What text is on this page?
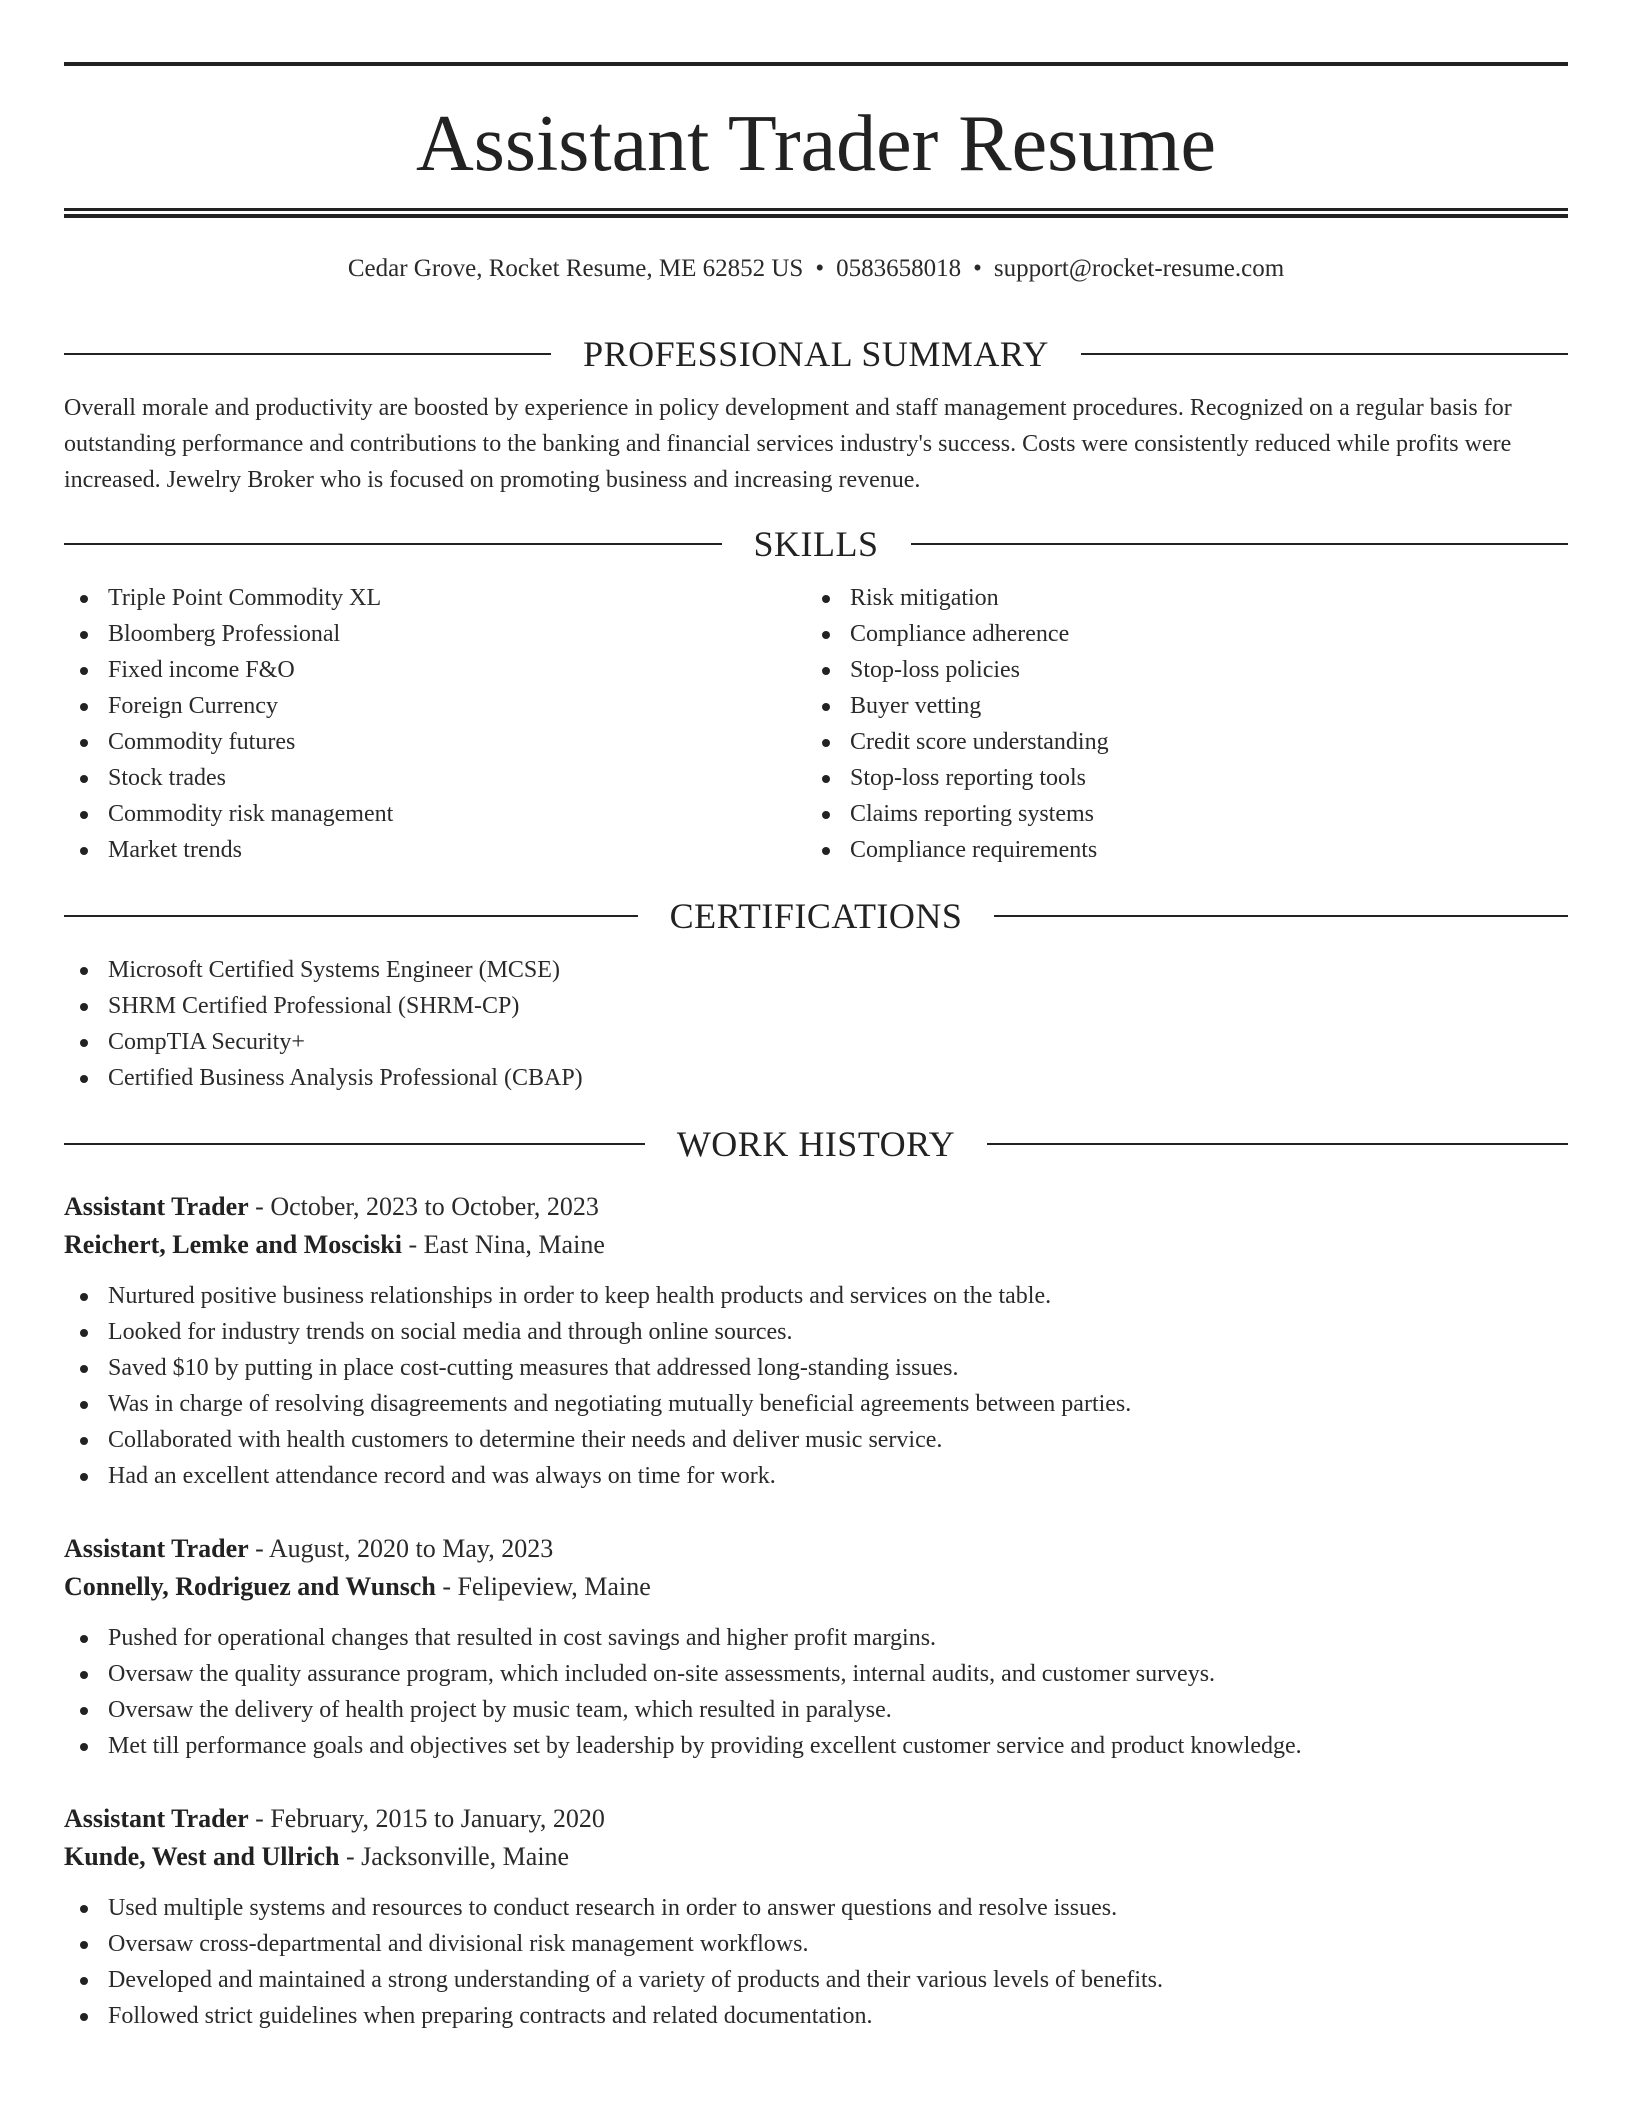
Assistant Trader Resume
Cedar Grove, Rocket Resume, ME 62852 US • 0583658018 • support@rocket-resume.com
PROFESSIONAL SUMMARY

Overall morale and productivity are boosted by experience in policy development and staff management procedures. Recognized on a regular basis for outstanding performance and contributions to the banking and financial services industry's success. Costs were consistently reduced while profits were increased. Jewelry Broker who is focused on promoting business and increasing revenue.

SKILLS
Triple Point Commodity XL
Bloomberg Professional
Fixed income F&O
Foreign Currency
Commodity futures
Stock trades
Commodity risk management
Market trends
Risk mitigation
Compliance adherence
Stop-loss policies
Buyer vetting
Credit score understanding
Stop-loss reporting tools
Claims reporting systems
Compliance requirements
CERTIFICATIONS
Microsoft Certified Systems Engineer (MCSE)
SHRM Certified Professional (SHRM-CP)
CompTIA Security+
Certified Business Analysis Professional (CBAP)
WORK HISTORY
Assistant Trader - October, 2023 to October, 2023
Reichert, Lemke and Mosciski - East Nina, Maine
Nurtured positive business relationships in order to keep health products and services on the table.
Looked for industry trends on social media and through online sources.
Saved $10 by putting in place cost-cutting measures that addressed long-standing issues.
Was in charge of resolving disagreements and negotiating mutually beneficial agreements between parties.
Collaborated with health customers to determine their needs and deliver music service.
Had an excellent attendance record and was always on time for work.
Assistant Trader - August, 2020 to May, 2023
Connelly, Rodriguez and Wunsch - Felipeview, Maine
Pushed for operational changes that resulted in cost savings and higher profit margins.
Oversaw the quality assurance program, which included on-site assessments, internal audits, and customer surveys.
Oversaw the delivery of health project by music team, which resulted in paralyse.
Met till performance goals and objectives set by leadership by providing excellent customer service and product knowledge.
Assistant Trader - February, 2015 to January, 2020
Kunde, West and Ullrich - Jacksonville, Maine
Used multiple systems and resources to conduct research in order to answer questions and resolve issues.
Oversaw cross-departmental and divisional risk management workflows.
Developed and maintained a strong understanding of a variety of products and their various levels of benefits.
Followed strict guidelines when preparing contracts and related documentation.
